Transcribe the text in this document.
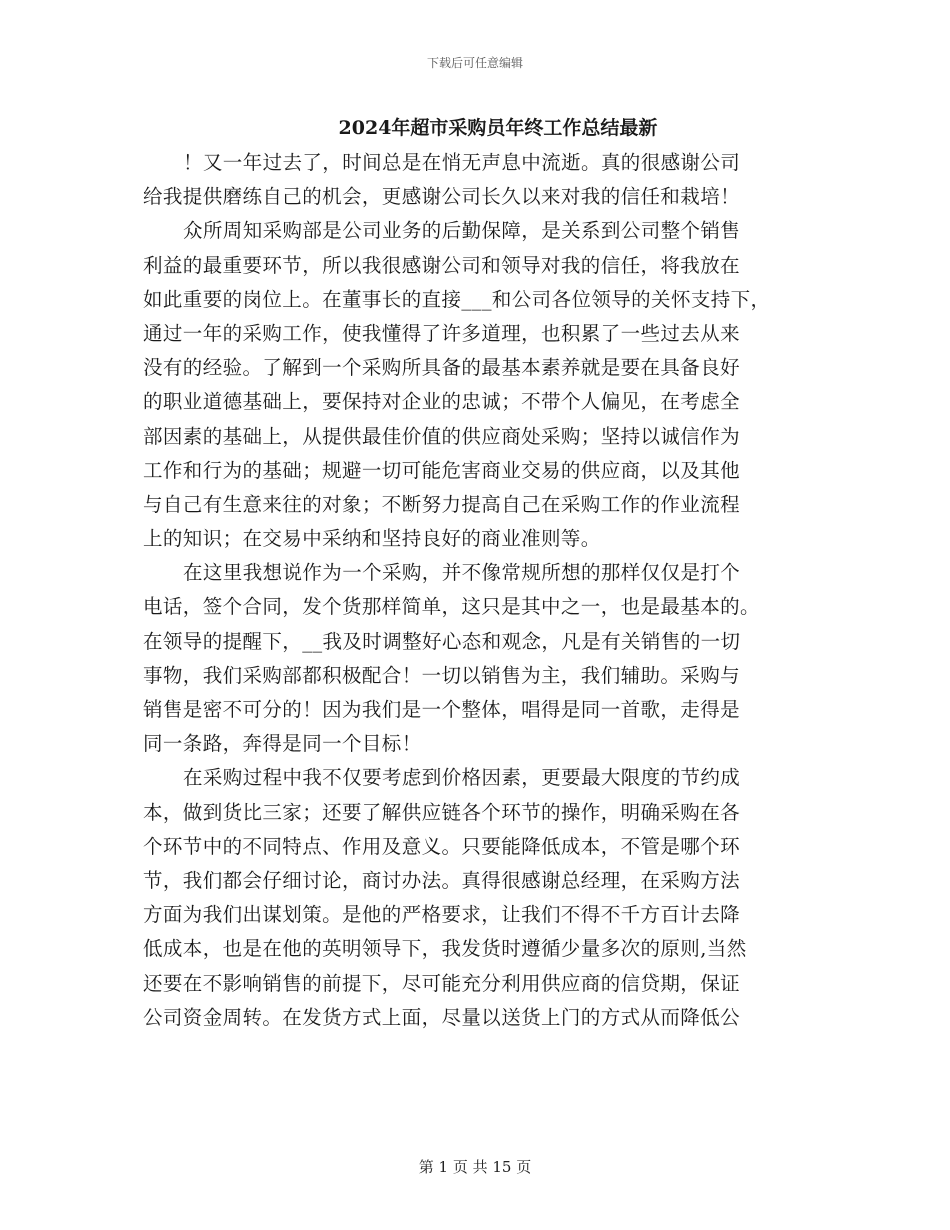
下载后可任意编辑
2024年超市采购员年终工作总结最新
！又一年过去了，时间总是在悄无声息中流逝。真的很感谢公司
给我提供磨练自己的机会，更感谢公司长久以来对我的信任和栽培！
众所周知采购部是公司业务的后勤保障，是关系到公司整个销售
利益的最重要环节，所以我很感谢公司和领导对我的信任，将我放在
如此重要的岗位上。在董事长的直接___和公司各位领导的关怀支持下，
通过一年的采购工作，使我懂得了许多道理，也积累了一些过去从来
没有的经验。了解到一个采购所具备的最基本素养就是要在具备良好
的职业道德基础上，要保持对企业的忠诚；不带个人偏见，在考虑全
部因素的基础上，从提供最佳价值的供应商处采购；坚持以诚信作为
工作和行为的基础；规避一切可能危害商业交易的供应商，以及其他
与自己有生意来往的对象；不断努力提高自己在采购工作的作业流程
上的知识；在交易中采纳和坚持良好的商业准则等。
在这里我想说作为一个采购，并不像常规所想的那样仅仅是打个
电话，签个合同，发个货那样简单，这只是其中之一，也是最基本的。
在领导的提醒下，__我及时调整好心态和观念，凡是有关销售的一切
事物，我们采购部都积极配合！一切以销售为主，我们辅助。采购与
销售是密不可分的！因为我们是一个整体，唱得是同一首歌，走得是
同一条路，奔得是同一个目标！
在采购过程中我不仅要考虑到价格因素，更要最大限度的节约成
本，做到货比三家；还要了解供应链各个环节的操作，明确采购在各
个环节中的不同特点、作用及意义。只要能降低成本，不管是哪个环
节，我们都会仔细讨论，商讨办法。真得很感谢总经理，在采购方法
方面为我们出谋划策。是他的严格要求，让我们不得不千方百计去降
低成本，也是在他的英明领导下，我发货时遵循少量多次的原则,当然
还要在不影响销售的前提下，尽可能充分利用供应商的信贷期，保证
公司资金周转。在发货方式上面，尽量以送货上门的方式从而降低公
第 1 页 共 15 页
